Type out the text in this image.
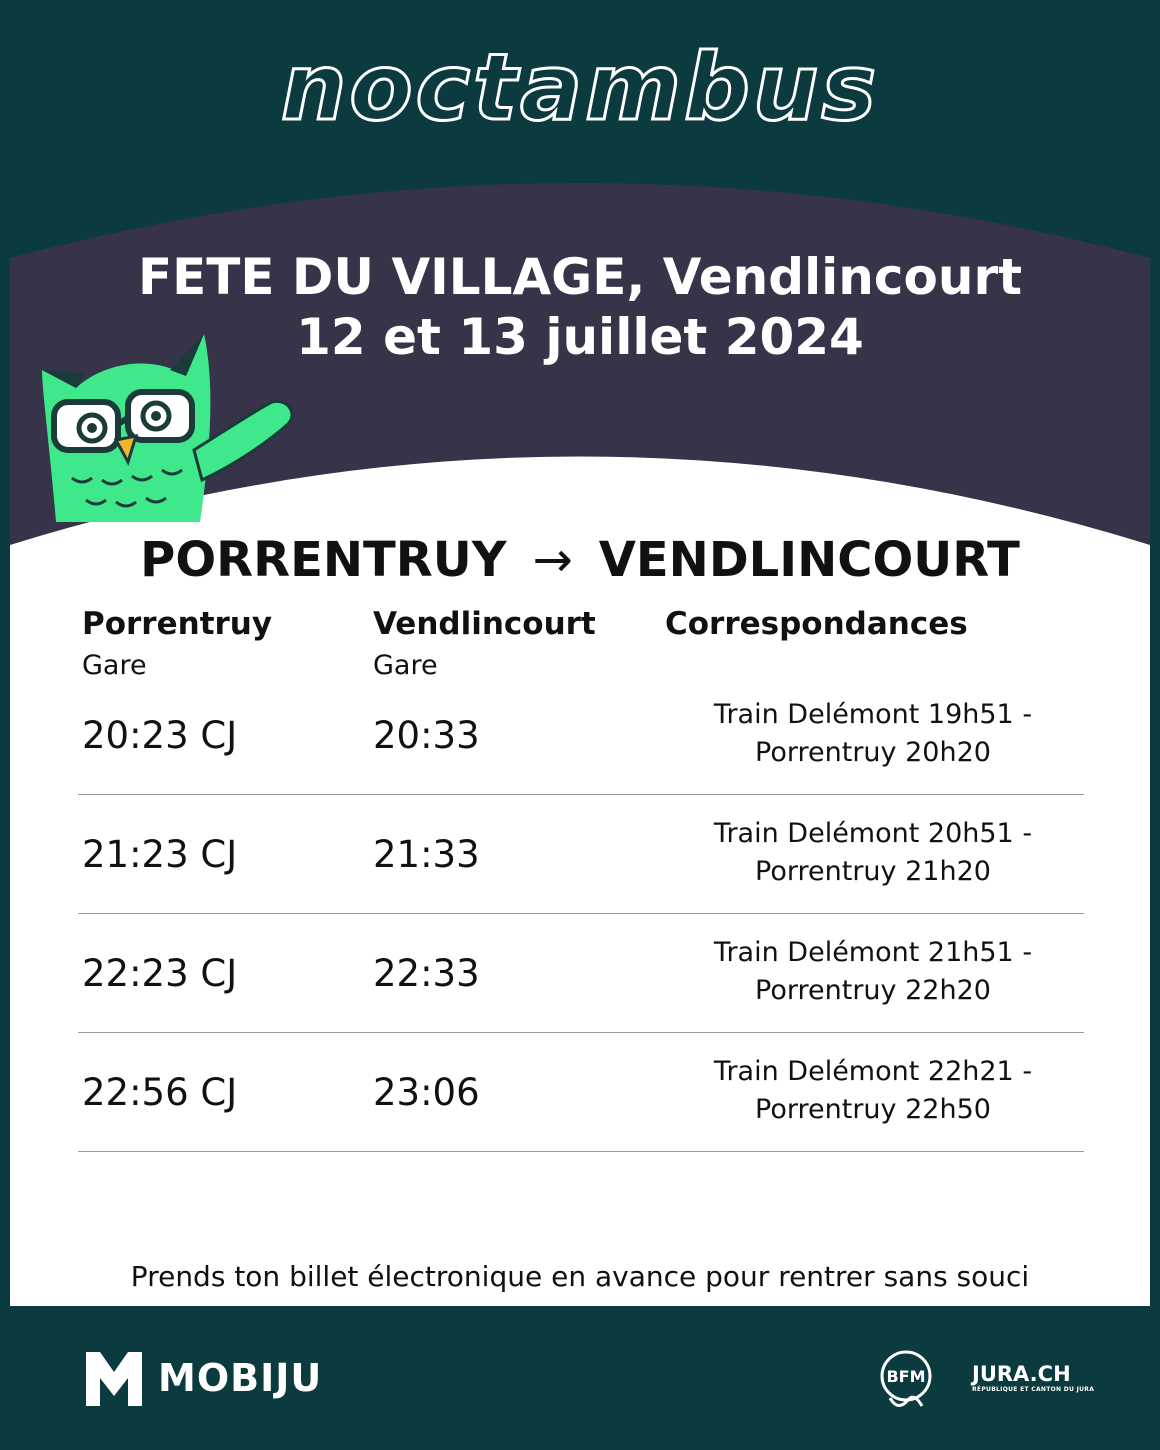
noctambus
FETE DU VILLAGE, Vendlincourt
12 et 13 juillet 2024
PORRENTRUY → VENDLINCOURT
Porrentruy
Gare
Vendlincourt
Gare
Correspondances
20:23 CJ	20:33	Train Delémont 19h51 -
Porrentruy 20h20
21:23 CJ	21:33	Train Delémont 20h51 -
Porrentruy 21h20
22:23 CJ	22:33	Train Delémont 21h51 -
Porrentruy 22h20
22:56 CJ	23:06	Train Delémont 22h21 -
Porrentruy 22h50
Prends ton billet électronique en avance pour rentrer sans souci
MOBIJU	BFM JURA.CH
RÉPUBLIQUE ET CANTON DU JURA
